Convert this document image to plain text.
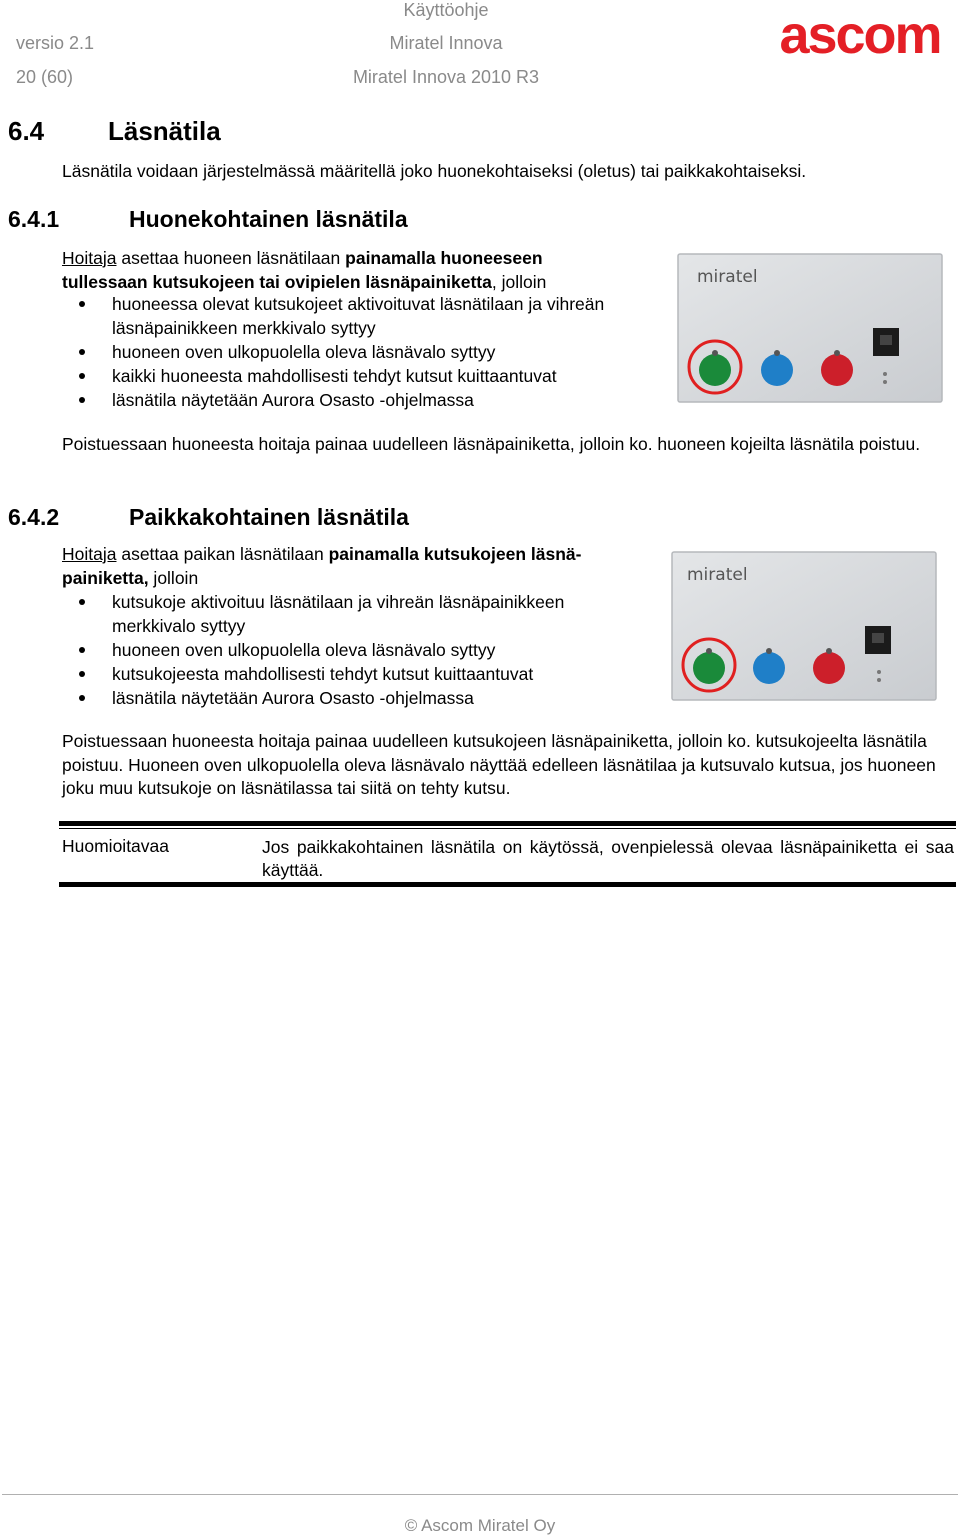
versio 2.1
20 (60)
Käyttöohje
Miratel Innova
Miratel Innova 2010 R3
ascom
6.4 Läsnätila
Läsnätila voidaan järjestelmässä määritellä joko huonekohtaiseksi (oletus) tai paikkakohtaiseksi.
6.4.1	Huonekohtainen läsnätila
Hoitaja asettaa huoneen läsnätilaan painamalla huoneeseen tullessaan kutsukojeen tai ovipielen läsnäpainiketta, jolloin
huoneessa olevat kutsukojeet aktivoituvat läsnätilaan ja vihreän läsnäpainikkeen merkkivalo syttyy
huoneen oven ulkopuolella oleva läsnävalo syttyy
kaikki huoneesta mahdollisesti tehdyt kutsut kuittaantuvat
läsnätila näytetään Aurora Osasto -ohjelmassa
Poistuessaan huoneesta hoitaja painaa uudelleen läsnäpainiketta, jolloin ko. huoneen kojeilta läsnätila poistuu.
miratel
6.4.2	Paikkakohtainen läsnätila
Hoitaja asettaa paikan läsnätilaan painamalla kutsukojeen läsnä-painiketta, jolloin
kutsukoje aktivoituu läsnätilaan ja vihreän läsnäpainikkeen merkkivalo syttyy
huoneen oven ulkopuolella oleva läsnävalo syttyy
kutsukojeesta mahdollisesti tehdyt kutsut kuittaantuvat
läsnätila näytetään Aurora Osasto -ohjelmassa
Poistuessaan huoneesta hoitaja painaa uudelleen kutsukojeen läsnäpainiketta, jolloin ko. kutsukojeelta läsnätila poistuu. Huoneen oven ulkopuolella oleva läsnävalo näyttää edelleen läsnätilaa ja kutsuvalo kutsua, jos huoneen joku muu kutsukoje on läsnätilassa tai siitä on tehty kutsu.
miratel
Huomioitavaa	Jos paikkakohtainen läsnätila on käytössä, ovenpielessä olevaa läsnäpainiketta ei saa käyttää.
© Ascom Miratel Oy
